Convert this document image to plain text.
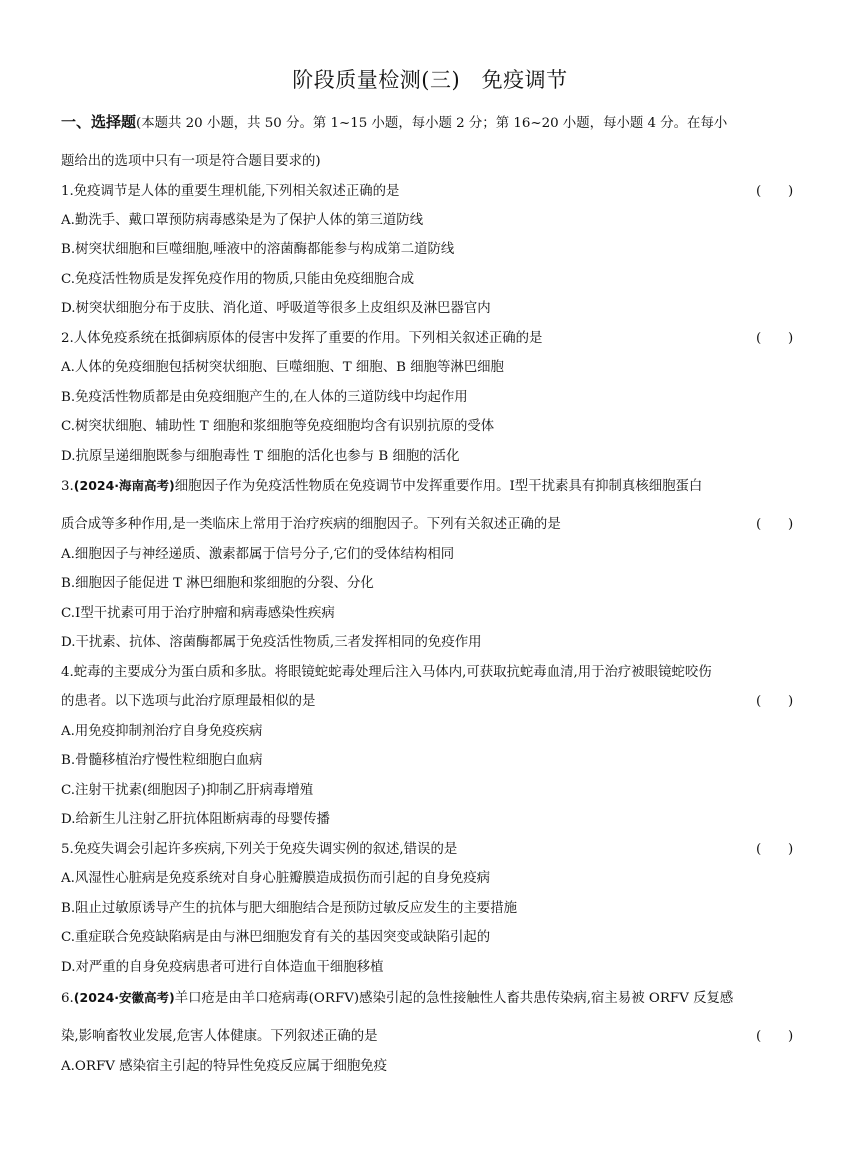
阶段质量检测(三)　免疫调节
一、选择题(本题共 20 小题，共 50 分。第 1~15 小题，每小题 2 分；第 16~20 小题，每小题 4 分。在每小
题给出的选项中只有一项是符合题目要求的)
1.免疫调节是人体的重要生理机能,下列相关叙述正确的是	(　　)
A.勤洗手、戴口罩预防病毒感染是为了保护人体的第三道防线
B.树突状细胞和巨噬细胞,唾液中的溶菌酶都能参与构成第二道防线
C.免疫活性物质是发挥免疫作用的物质,只能由免疫细胞合成
D.树突状细胞分布于皮肤、消化道、呼吸道等很多上皮组织及淋巴器官内
2.人体免疫系统在抵御病原体的侵害中发挥了重要的作用。下列相关叙述正确的是	(　　)
A.人体的免疫细胞包括树突状细胞、巨噬细胞、T 细胞、B 细胞等淋巴细胞
B.免疫活性物质都是由免疫细胞产生的,在人体的三道防线中均起作用
C.树突状细胞、辅助性 T 细胞和浆细胞等免疫细胞均含有识别抗原的受体
D.抗原呈递细胞既参与细胞毒性 T 细胞的活化也参与 B 细胞的活化
3.(2024·海南高考)细胞因子作为免疫活性物质在免疫调节中发挥重要作用。Ⅰ型干扰素具有抑制真核细胞蛋白
质合成等多种作用,是一类临床上常用于治疗疾病的细胞因子。下列有关叙述正确的是	(　　)
A.细胞因子与神经递质、激素都属于信号分子,它们的受体结构相同
B.细胞因子能促进 T 淋巴细胞和浆细胞的分裂、分化
C.Ⅰ型干扰素可用于治疗肿瘤和病毒感染性疾病
D.干扰素、抗体、溶菌酶都属于免疫活性物质,三者发挥相同的免疫作用
4.蛇毒的主要成分为蛋白质和多肽。将眼镜蛇蛇毒处理后注入马体内,可获取抗蛇毒血清,用于治疗被眼镜蛇咬伤
的患者。以下选项与此治疗原理最相似的是	(　　)
A.用免疫抑制剂治疗自身免疫疾病
B.骨髓移植治疗慢性粒细胞白血病
C.注射干扰素(细胞因子)抑制乙肝病毒增殖
D.给新生儿注射乙肝抗体阻断病毒的母婴传播
5.免疫失调会引起许多疾病,下列关于免疫失调实例的叙述,错误的是	(　　)
A.风湿性心脏病是免疫系统对自身心脏瓣膜造成损伤而引起的自身免疫病
B.阻止过敏原诱导产生的抗体与肥大细胞结合是预防过敏反应发生的主要措施
C.重症联合免疫缺陷病是由与淋巴细胞发育有关的基因突变或缺陷引起的
D.对严重的自身免疫病患者可进行自体造血干细胞移植
6.(2024·安徽高考)羊口疮是由羊口疮病毒(ORFV)感染引起的急性接触性人畜共患传染病,宿主易被 ORFV 反复感
染,影响畜牧业发展,危害人体健康。下列叙述正确的是	(　　)
A.ORFV 感染宿主引起的特异性免疫反应属于细胞免疫
